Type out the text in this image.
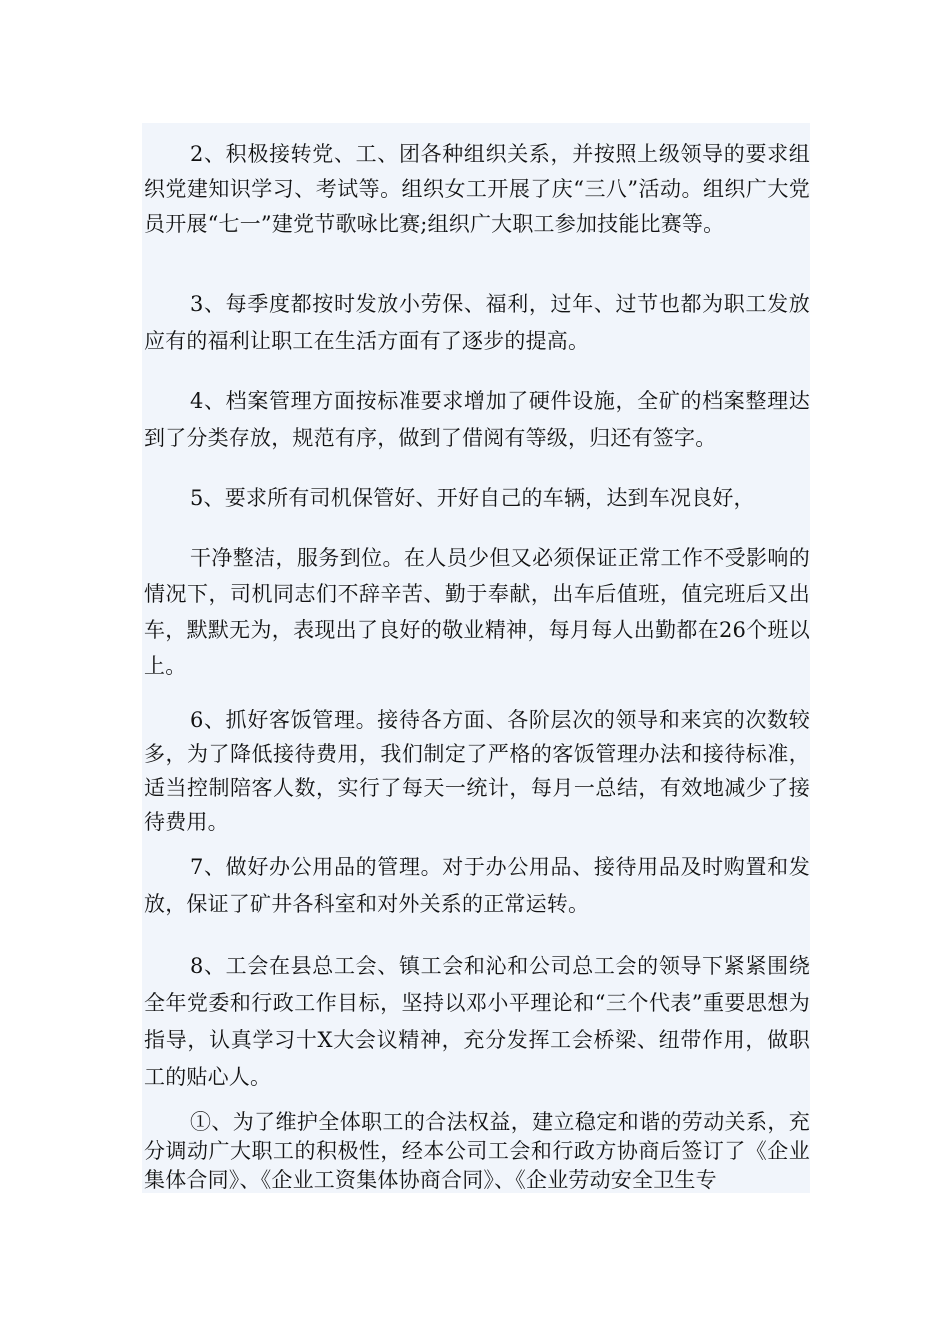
2、积极接转党、工、团各种组织关系，并按照上级领导的要求组织党建知识学习、考试等。组织女工开展了庆“三八”活动。组织广大党员开展“七一”建党节歌咏比赛;组织广大职工参加技能比赛等。

3、每季度都按时发放小劳保、福利，过年、过节也都为职工发放应有的福利让职工在生活方面有了逐步的提高。

4、档案管理方面按标准要求增加了硬件设施，全矿的档案整理达到了分类存放，规范有序，做到了借阅有等级，归还有签字。

5、要求所有司机保管好、开好自己的车辆，达到车况良好，

干净整洁，服务到位。在人员少但又必须保证正常工作不受影响的情况下，司机同志们不辞辛苦、勤于奉献，出车后值班，值完班后又出车，默默无为，表现出了良好的敬业精神，每月每人出勤都在26个班以上。

6、抓好客饭管理。接待各方面、各阶层次的领导和来宾的次数较多，为了降低接待费用，我们制定了严格的客饭管理办法和接待标准，适当控制陪客人数，实行了每天一统计，每月一总结，有效地减少了接待费用。

7、做好办公用品的管理。对于办公用品、接待用品及时购置和发放，保证了矿井各科室和对外关系的正常运转。

8、工会在县总工会、镇工会和沁和公司总工会的领导下紧紧围绕全年党委和行政工作目标，坚持以邓小平理论和“三个代表”重要思想为指导，认真学习十X大会议精神，充分发挥工会桥梁、纽带作用，做职工的贴心人。

①、为了维护全体职工的合法权益，建立稳定和谐的劳动关系，充分调动广大职工的积极性，经本公司工会和行政方协商后签订了《企业集体合同》、《企业工资集体协商合同》、《企业劳动安全卫生专
